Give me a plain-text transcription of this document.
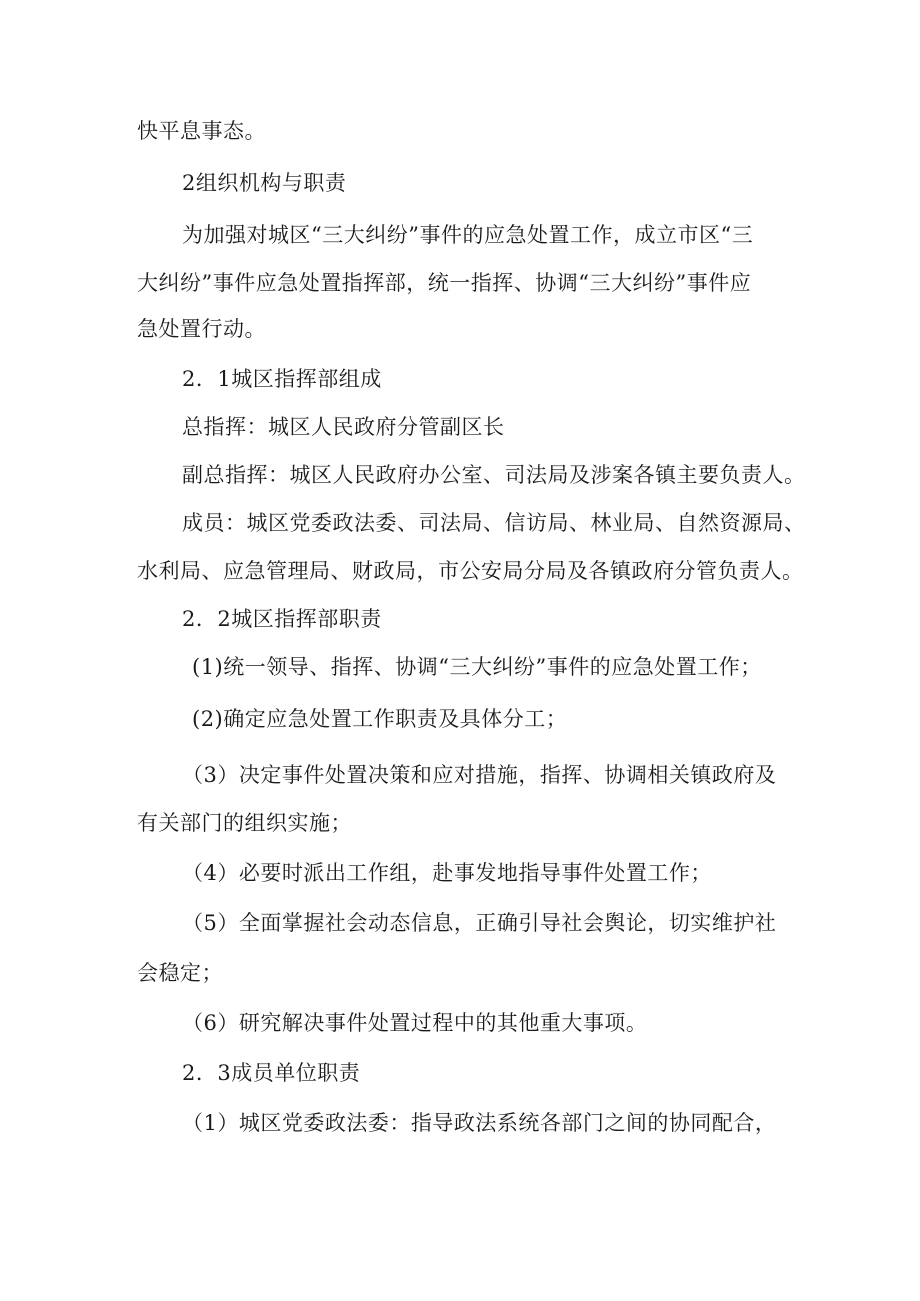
快平息事态。
2组织机构与职责
为加强对城区“三大纠纷”事件的应急处置工作，成立市区“三
大纠纷”事件应急处置指挥部，统一指挥、协调“三大纠纷”事件应
急处置行动。
2．1城区指挥部组成
总指挥：城区人民政府分管副区长
副总指挥：城区人民政府办公室、司法局及涉案各镇主要负责人。
成员：城区党委政法委、司法局、信访局、林业局、自然资源局、
水利局、应急管理局、财政局，市公安局分局及各镇政府分管负责人。
2．2城区指挥部职责
(1)统一领导、指挥、协调“三大纠纷”事件的应急处置工作；
(2)确定应急处置工作职责及具体分工；
（3）决定事件处置决策和应对措施，指挥、协调相关镇政府及
有关部门的组织实施；
（4）必要时派出工作组，赴事发地指导事件处置工作；
（5）全面掌握社会动态信息，正确引导社会舆论，切实维护社
会稳定；
（6）研究解决事件处置过程中的其他重大事项。
2．3成员单位职责
（1）城区党委政法委：指导政法系统各部门之间的协同配合，
